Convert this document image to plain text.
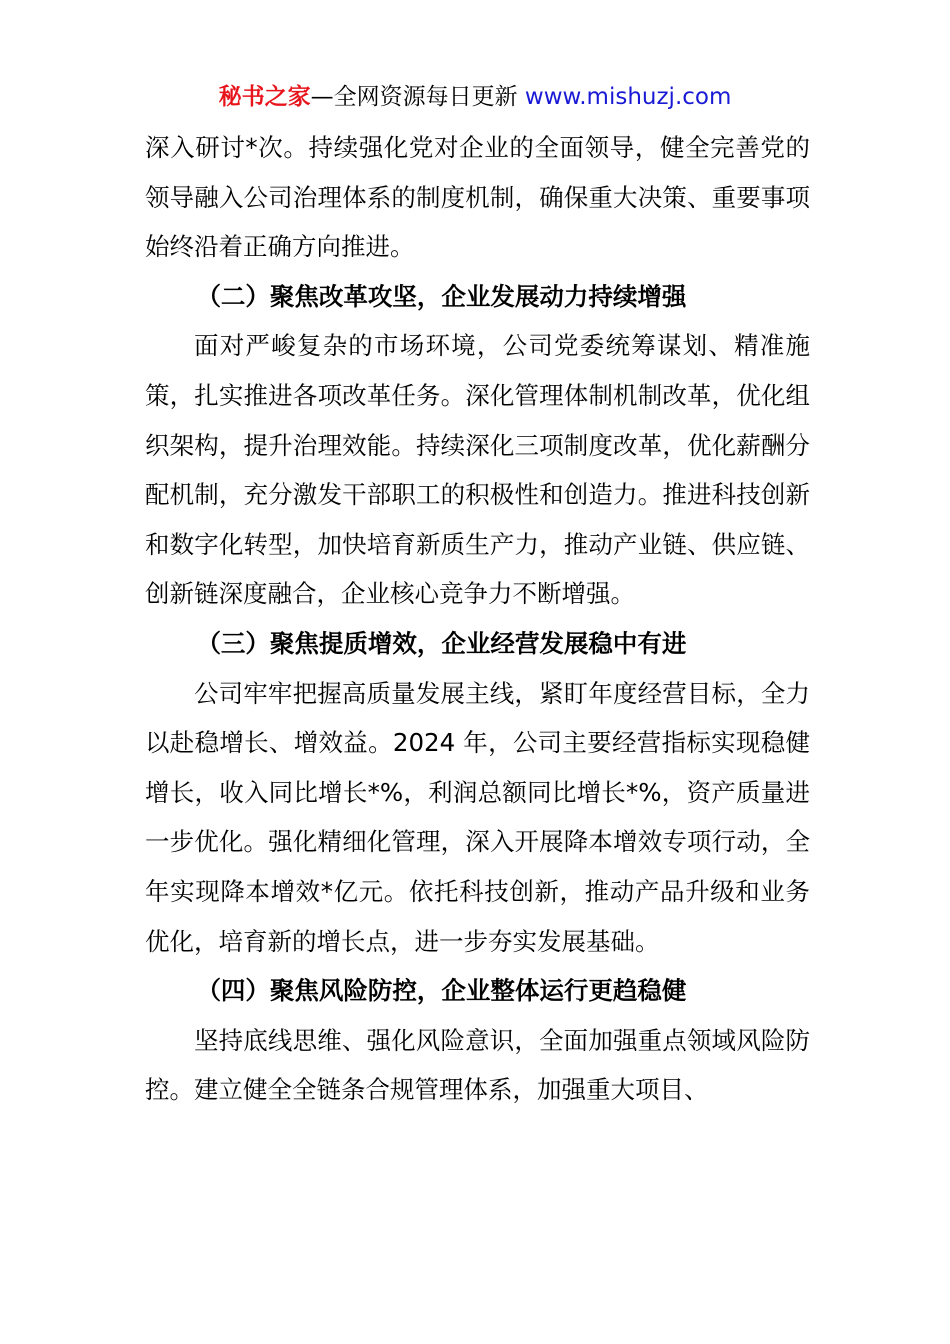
秘书之家—全网资源每日更新 www.mishuzj.com

深入研讨*次。持续强化党对企业的全面领导，健全完善党的领导融入公司治理体系的制度机制，确保重大决策、重要事项始终沿着正确方向推进。

（二）聚焦改革攻坚，企业发展动力持续增强

面对严峻复杂的市场环境，公司党委统筹谋划、精准施策，扎实推进各项改革任务。深化管理体制机制改革，优化组织架构，提升治理效能。持续深化三项制度改革，优化薪酬分配机制，充分激发干部职工的积极性和创造力。推进科技创新和数字化转型，加快培育新质生产力，推动产业链、供应链、创新链深度融合，企业核心竞争力不断增强。

（三）聚焦提质增效，企业经营发展稳中有进

公司牢牢把握高质量发展主线，紧盯年度经营目标，全力以赴稳增长、增效益。2024 年，公司主要经营指标实现稳健增长，收入同比增长*%，利润总额同比增长*%，资产质量进一步优化。强化精细化管理，深入开展降本增效专项行动，全年实现降本增效*亿元。依托科技创新，推动产品升级和业务优化，培育新的增长点，进一步夯实发展基础。

（四）聚焦风险防控，企业整体运行更趋稳健

坚持底线思维、强化风险意识，全面加强重点领域风险防控。建立健全全链条合规管理体系，加强重大项目、
